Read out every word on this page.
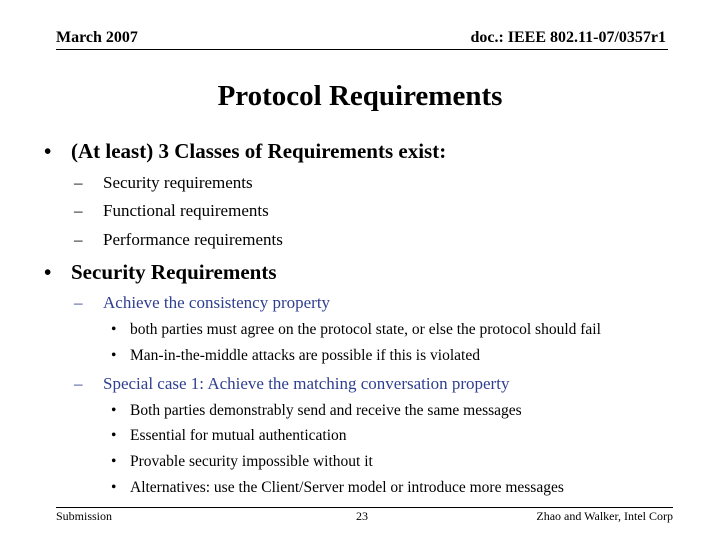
March 2007	doc.: IEEE 802.11-07/0357r1
Protocol Requirements
• (At least) 3 Classes of Requirements exist:
– Security requirements
– Functional requirements
– Performance requirements
• Security Requirements
– Achieve the consistency property
• both parties must agree on the protocol state, or else the protocol should fail
• Man-in-the-middle attacks are possible if this is violated
– Special case 1: Achieve the matching conversation property
• Both parties demonstrably send and receive the same messages
• Essential for mutual authentication
• Provable security impossible without it
• Alternatives: use the Client/Server model or introduce more messages
Submission	23	Zhao and Walker, Intel Corp
